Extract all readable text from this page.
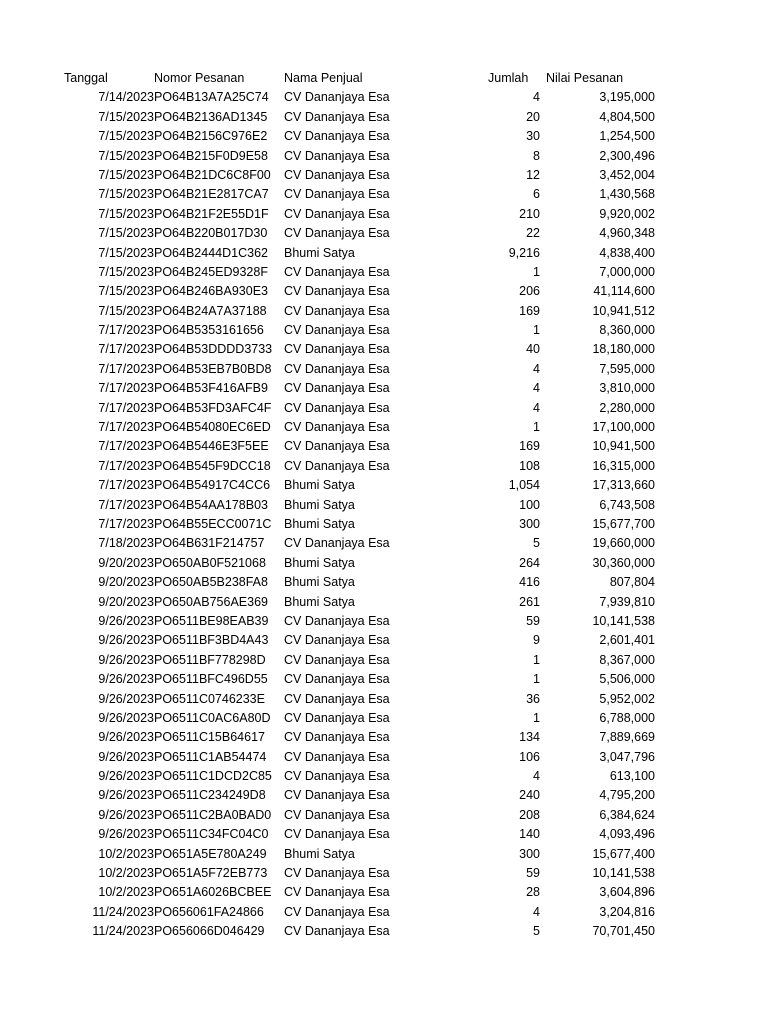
Tanggal	Nomor Pesanan	Nama Penjual	Jumlah Nilai Pesanan
7/14/2023 PO64B13A7A25C74 CV Dananjaya Esa	4	3,195,000
7/15/2023 PO64B2136AD1345 CV Dananjaya Esa	20	4,804,500
7/15/2023 PO64B2156C976E2 CV Dananjaya Esa	30	1,254,500
7/15/2023 PO64B215F0D9E58 CV Dananjaya Esa	8	2,300,496
7/15/2023 PO64B21DC6C8F00 CV Dananjaya Esa	12	3,452,004
7/15/2023 PO64B21E2817CA7 CV Dananjaya Esa	6	1,430,568
7/15/2023 PO64B21F2E55D1F CV Dananjaya Esa	210	9,920,002
7/15/2023 PO64B220B017D30 CV Dananjaya Esa	22	4,960,348
7/15/2023 PO64B2444D1C362 Bhumi Satya	9,216	4,838,400
7/15/2023 PO64B245ED9328F CV Dananjaya Esa	1	7,000,000
7/15/2023 PO64B246BA930E3 CV Dananjaya Esa	206	41,114,600
7/15/2023 PO64B24A7A37188 CV Dananjaya Esa	169	10,941,512
7/17/2023 PO64B5353161656 CV Dananjaya Esa	1	8,360,000
7/17/2023 PO64B53DDDD3733 CV Dananjaya Esa	40	18,180,000
7/17/2023 PO64B53EB7B0BD8 CV Dananjaya Esa	4	7,595,000
7/17/2023 PO64B53F416AFB9 CV Dananjaya Esa	4	3,810,000
7/17/2023 PO64B53FD3AFC4F CV Dananjaya Esa	4	2,280,000
7/17/2023 PO64B54080EC6ED CV Dananjaya Esa	1	17,100,000
7/17/2023 PO64B5446E3F5EE CV Dananjaya Esa	169	10,941,500
7/17/2023 PO64B545F9DCC18 CV Dananjaya Esa	108	16,315,000
7/17/2023 PO64B54917C4CC6 Bhumi Satya	1,054	17,313,660
7/17/2023 PO64B54AA178B03 Bhumi Satya	100	6,743,508
7/17/2023 PO64B55ECC0071C Bhumi Satya	300	15,677,700
7/18/2023 PO64B631F214757 CV Dananjaya Esa	5	19,660,000
9/20/2023 PO650AB0F521068 Bhumi Satya	264	30,360,000
9/20/2023 PO650AB5B238FA8 Bhumi Satya	416	807,804
9/20/2023 PO650AB756AE369 Bhumi Satya	261	7,939,810
9/26/2023 PO6511BE98EAB39 CV Dananjaya Esa	59	10,141,538
9/26/2023 PO6511BF3BD4A43 CV Dananjaya Esa	9	2,601,401
9/26/2023 PO6511BF778298D CV Dananjaya Esa	1	8,367,000
9/26/2023 PO6511BFC496D55 CV Dananjaya Esa	1	5,506,000
9/26/2023 PO6511C0746233E CV Dananjaya Esa	36	5,952,002
9/26/2023 PO6511C0AC6A80D CV Dananjaya Esa	1	6,788,000
9/26/2023 PO6511C15B64617 CV Dananjaya Esa	134	7,889,669
9/26/2023 PO6511C1AB54474 CV Dananjaya Esa	106	3,047,796
9/26/2023 PO6511C1DCD2C85 CV Dananjaya Esa	4	613,100
9/26/2023 PO6511C234249D8 CV Dananjaya Esa	240	4,795,200
9/26/2023 PO6511C2BA0BAD0 CV Dananjaya Esa	208	6,384,624
9/26/2023 PO6511C34FC04C0 CV Dananjaya Esa	140	4,093,496
10/2/2023 PO651A5E780A249 Bhumi Satya	300	15,677,400
10/2/2023 PO651A5F72EB773 CV Dananjaya Esa	59	10,141,538
10/2/2023 PO651A6026BCBEE CV Dananjaya Esa	28	3,604,896
11/24/2023 PO656061FA24866 CV Dananjaya Esa	4	3,204,816
11/24/2023 PO656066D046429 CV Dananjaya Esa	5	70,701,450
